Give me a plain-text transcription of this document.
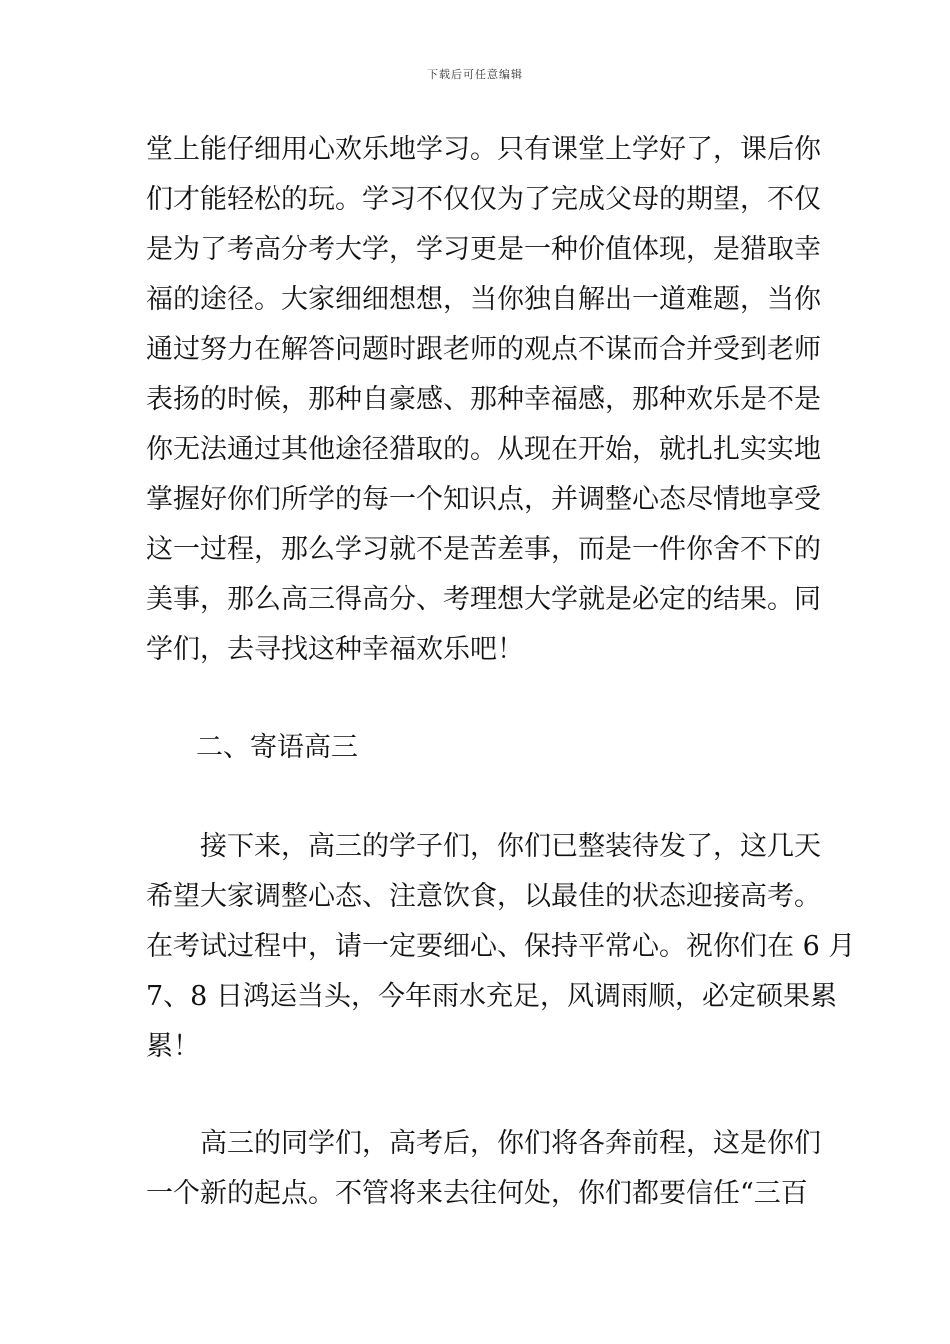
下载后可任意编辑
堂上能仔细用心欢乐地学习。只有课堂上学好了，课后你
们才能轻松的玩。学习不仅仅为了完成父母的期望，不仅
是为了考高分考大学，学习更是一种价值体现，是猎取幸
福的途径。大家细细想想，当你独自解出一道难题，当你
通过努力在解答问题时跟老师的观点不谋而合并受到老师
表扬的时候，那种自豪感、那种幸福感，那种欢乐是不是
你无法通过其他途径猎取的。从现在开始，就扎扎实实地
掌握好你们所学的每一个知识点，并调整心态尽情地享受
这一过程，那么学习就不是苦差事，而是一件你舍不下的
美事，那么高三得高分、考理想大学就是必定的结果。同
学们，去寻找这种幸福欢乐吧！
二、寄语高三
接下来，高三的学子们，你们已整装待发了，这几天
希望大家调整心态、注意饮食，以最佳的状态迎接高考。
在考试过程中，请一定要细心、保持平常心。祝你们在 6 月
7、8 日鸿运当头，今年雨水充足，风调雨顺，必定硕果累
累！
高三的同学们，高考后，你们将各奔前程，这是你们
一个新的起点。不管将来去往何处，你们都要信任“三百
